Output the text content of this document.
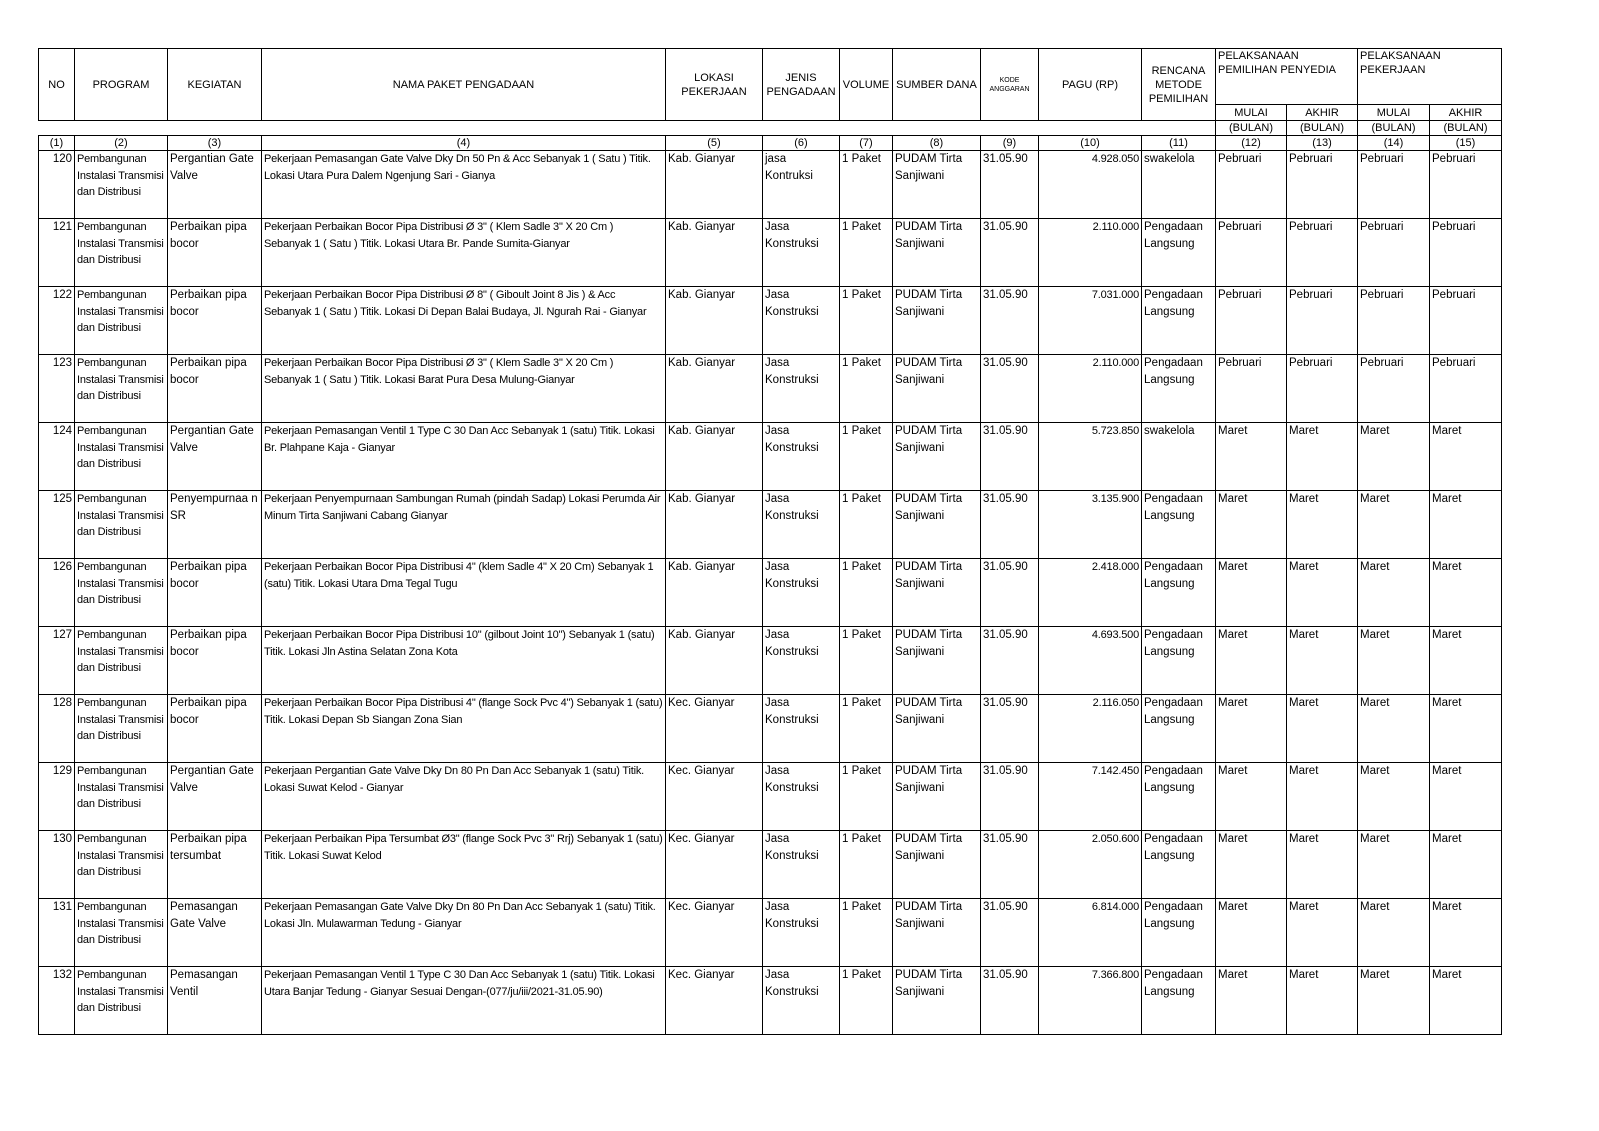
NO	PROGRAM	KEGIATAN	NAMA PAKET PENGADAAN	LOKASI PEKERJAAN	JENIS PENGADAAN	VOLUME	SUMBER DANA	KODE ANGGARAN	PAGU (RP)	RENCANA METODE PEMILIHAN	PELAKSANAAN PEMILIHAN PENYEDIA		PELAKSANAAN PEKERJAAN	
											MULAI	AKHIR	MULAI	AKHIR
											(BULAN)	(BULAN)	(BULAN)	(BULAN)
(1)	(2)	(3)	(4)	(5)	(6)	(7)	(8)	(9)	(10)	(11)	(12)	(13)	(14)	(15)
120	Pembangunan Instalasi Transmisi dan Distribusi	Pergantian Gate Valve	Pekerjaan Pemasangan Gate Valve Dky Dn 50 Pn & Acc Sebanyak 1 ( Satu ) Titik. Lokasi Utara Pura Dalem Ngenjung Sari - Gianya	Kab. Gianyar	jasa Kontruksi	1 Paket	PUDAM Tirta Sanjiwani	31.05.90	4.928.050	swakelola	Pebruari	Pebruari	Pebruari	Pebruari
121	Pembangunan Instalasi Transmisi dan Distribusi	Perbaikan pipa bocor	Pekerjaan Perbaikan Bocor Pipa Distribusi Ø 3" ( Klem Sadle 3" X 20 Cm ) Sebanyak 1 ( Satu ) Titik. Lokasi Utara Br. Pande Sumita-Gianyar	Kab. Gianyar	Jasa Konstruksi	1 Paket	PUDAM Tirta Sanjiwani	31.05.90	2.110.000	Pengadaan Langsung	Pebruari	Pebruari	Pebruari	Pebruari
122	Pembangunan Instalasi Transmisi dan Distribusi	Perbaikan pipa bocor	Pekerjaan Perbaikan Bocor Pipa Distribusi Ø 8" ( Giboult Joint 8 Jis ) & Acc Sebanyak 1 ( Satu ) Titik. Lokasi Di Depan Balai Budaya, Jl. Ngurah Rai - Gianyar	Kab. Gianyar	Jasa Konstruksi	1 Paket	PUDAM Tirta Sanjiwani	31.05.90	7.031.000	Pengadaan Langsung	Pebruari	Pebruari	Pebruari	Pebruari
123	Pembangunan Instalasi Transmisi dan Distribusi	Perbaikan pipa bocor	Pekerjaan Perbaikan Bocor Pipa Distribusi Ø 3" ( Klem Sadle 3" X 20 Cm ) Sebanyak 1 ( Satu ) Titik. Lokasi Barat Pura Desa Mulung-Gianyar	Kab. Gianyar	Jasa Konstruksi	1 Paket	PUDAM Tirta Sanjiwani	31.05.90	2.110.000	Pengadaan Langsung	Pebruari	Pebruari	Pebruari	Pebruari
124	Pembangunan Instalasi Transmisi dan Distribusi	Pergantian Gate Valve	Pekerjaan Pemasangan Ventil 1 Type C 30 Dan Acc Sebanyak 1 (satu) Titik. Lokasi Br. Plahpane Kaja - Gianyar	Kab. Gianyar	Jasa Konstruksi	1 Paket	PUDAM Tirta Sanjiwani	31.05.90	5.723.850	swakelola	Maret	Maret	Maret	Maret
125	Pembangunan Instalasi Transmisi dan Distribusi	Penyempurnaa n SR	Pekerjaan Penyempurnaan Sambungan Rumah (pindah Sadap) Lokasi Perumda Air Minum Tirta Sanjiwani Cabang Gianyar	Kab. Gianyar	Jasa Konstruksi	1 Paket	PUDAM Tirta Sanjiwani	31.05.90	3.135.900	Pengadaan Langsung	Maret	Maret	Maret	Maret
126	Pembangunan Instalasi Transmisi dan Distribusi	Perbaikan pipa bocor	Pekerjaan Perbaikan Bocor Pipa Distribusi 4" (klem Sadle 4" X 20 Cm) Sebanyak 1 (satu) Titik. Lokasi Utara Dma Tegal Tugu	Kab. Gianyar	Jasa Konstruksi	1 Paket	PUDAM Tirta Sanjiwani	31.05.90	2.418.000	Pengadaan Langsung	Maret	Maret	Maret	Maret
127	Pembangunan Instalasi Transmisi dan Distribusi	Perbaikan pipa bocor	Pekerjaan Perbaikan Bocor Pipa Distribusi 10" (gilbout Joint 10") Sebanyak 1 (satu) Titik. Lokasi Jln Astina Selatan Zona Kota	Kab. Gianyar	Jasa Konstruksi	1 Paket	PUDAM Tirta Sanjiwani	31.05.90	4.693.500	Pengadaan Langsung	Maret	Maret	Maret	Maret
128	Pembangunan Instalasi Transmisi dan Distribusi	Perbaikan pipa bocor	Pekerjaan Perbaikan Bocor Pipa Distribusi 4" (flange Sock Pvc 4") Sebanyak 1 (satu) Titik. Lokasi Depan Sb Siangan Zona Sian	Kec. Gianyar	Jasa Konstruksi	1 Paket	PUDAM Tirta Sanjiwani	31.05.90	2.116.050	Pengadaan Langsung	Maret	Maret	Maret	Maret
129	Pembangunan Instalasi Transmisi dan Distribusi	Pergantian Gate Valve	Pekerjaan Pergantian Gate Valve Dky Dn 80 Pn Dan Acc Sebanyak 1 (satu) Titik. Lokasi Suwat Kelod - Gianyar	Kec. Gianyar	Jasa Konstruksi	1 Paket	PUDAM Tirta Sanjiwani	31.05.90	7.142.450	Pengadaan Langsung	Maret	Maret	Maret	Maret
130	Pembangunan Instalasi Transmisi dan Distribusi	Perbaikan pipa tersumbat	Pekerjaan Perbaikan Pipa Tersumbat Ø3" (flange Sock Pvc 3" Rrj) Sebanyak 1 (satu) Titik. Lokasi Suwat Kelod	Kec. Gianyar	Jasa Konstruksi	1 Paket	PUDAM Tirta Sanjiwani	31.05.90	2.050.600	Pengadaan Langsung	Maret	Maret	Maret	Maret
131	Pembangunan Instalasi Transmisi dan Distribusi	Pemasangan Gate Valve	Pekerjaan Pemasangan Gate Valve Dky Dn 80 Pn Dan Acc Sebanyak 1 (satu) Titik. Lokasi Jln. Mulawarman Tedung - Gianyar	Kec. Gianyar	Jasa Konstruksi	1 Paket	PUDAM Tirta Sanjiwani	31.05.90	6.814.000	Pengadaan Langsung	Maret	Maret	Maret	Maret
132	Pembangunan Instalasi Transmisi dan Distribusi	Pemasangan Ventil	Pekerjaan Pemasangan Ventil 1 Type C 30 Dan Acc Sebanyak 1 (satu) Titik. Lokasi Utara Banjar Tedung - Gianyar Sesuai Dengan-(077/ju/iii/2021-31.05.90)	Kec. Gianyar	Jasa Konstruksi	1 Paket	PUDAM Tirta Sanjiwani	31.05.90	7.366.800	Pengadaan Langsung	Maret	Maret	Maret	Maret
